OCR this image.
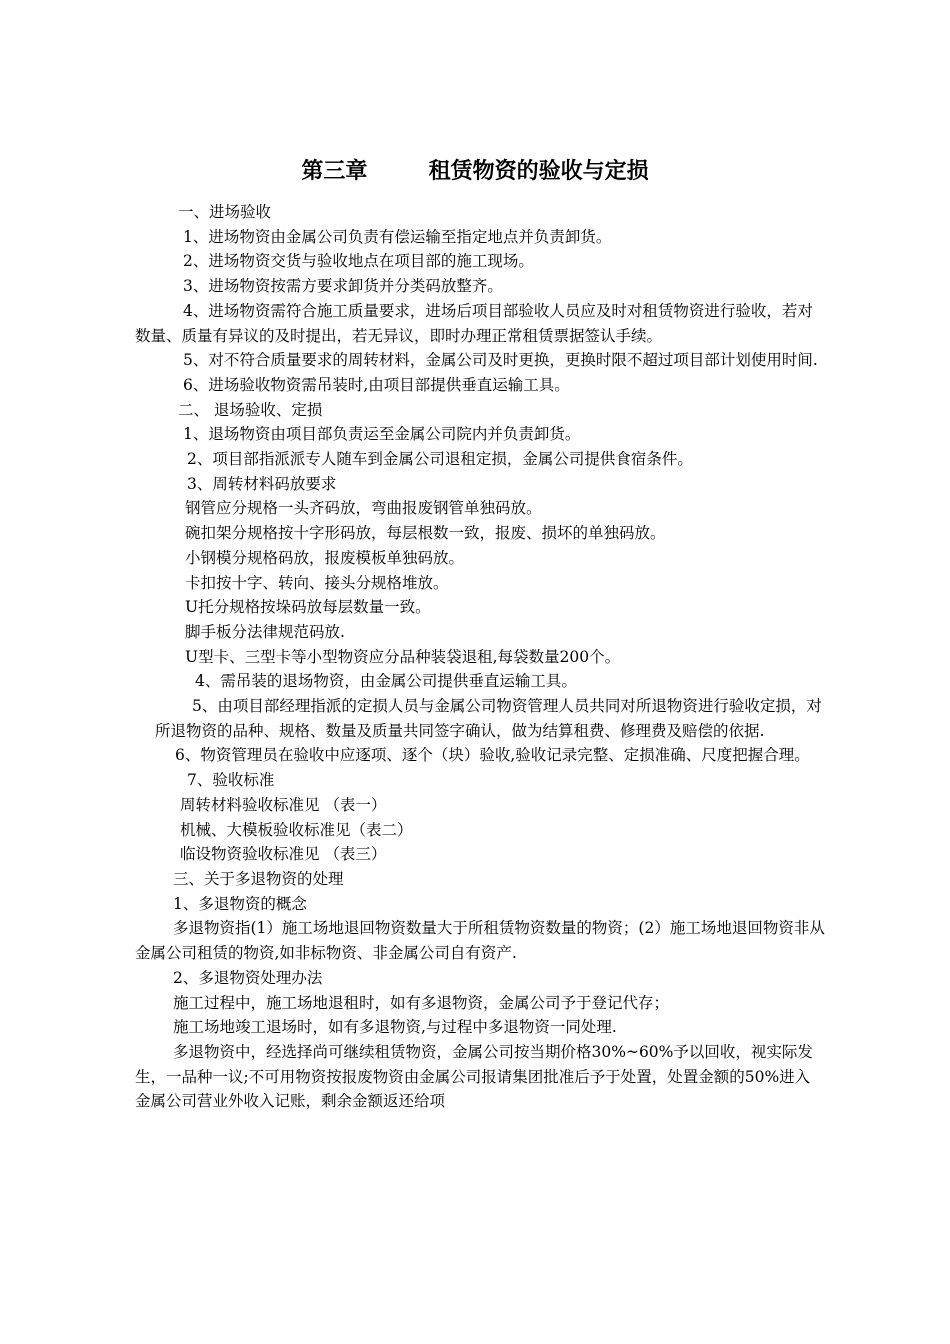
第三章        租赁物资的验收与定损

一、进场验收

1、进场物资由金属公司负责有偿运输至指定地点并负责卸货。

2、进场物资交货与验收地点在项目部的施工现场。

3、进场物资按需方要求卸货并分类码放整齐。

4、进场物资需符合施工质量要求，进场后项目部验收人员应及时对租赁物资进行验收，若对数量、质量有异议的及时提出，若无异议，即时办理正常租赁票据签认手续。

5、对不符合质量要求的周转材料，金属公司及时更换，更换时限不超过项目部计划使用时间.

6、进场验收物资需吊装时,由项目部提供垂直运输工具。

二、 退场验收、定损

1、退场物资由项目部负责运至金属公司院内并负责卸货。

2、项目部指派派专人随车到金属公司退租定损，金属公司提供食宿条件。

3、周转材料码放要求

钢管应分规格一头齐码放，弯曲报废钢管单独码放。

碗扣架分规格按十字形码放，每层根数一致，报废、损坏的单独码放。

小钢模分规格码放，报废模板单独码放。

卡扣按十字、转向、接头分规格堆放。

U托分规格按垛码放每层数量一致。

脚手板分法律规范码放.

U型卡、三型卡等小型物资应分品种装袋退租,每袋数量200个。

4、需吊装的退场物资，由金属公司提供垂直运输工具。

5、由项目部经理指派的定损人员与金属公司物资管理人员共同对所退物资进行验收定损，对所退物资的品种、规格、数量及质量共同签字确认，做为结算租费、修理费及赔偿的依据.

6、物资管理员在验收中应逐项、逐个（块）验收,验收记录完整、定损准确、尺度把握合理。

7、验收标准

周转材料验收标准见 （表一）

机械、大模板验收标准见（表二）

临设物资验收标准见 （表三）

三、关于多退物资的处理

1、多退物资的概念

多退物资指(1）施工场地退回物资数量大于所租赁物资数量的物资；(2）施工场地退回物资非从金属公司租赁的物资,如非标物资、非金属公司自有资产.

2、多退物资处理办法

施工过程中，施工场地退租时，如有多退物资，金属公司予于登记代存；

施工场地竣工退场时，如有多退物资,与过程中多退物资一同处理.

多退物资中，经选择尚可继续租赁物资，金属公司按当期价格30%~60%予以回收，视实际发生，一品种一议;不可用物资按报废物资由金属公司报请集团批准后予于处置，处置金额的50%进入金属公司营业外收入记账，剩余金额返还给项
